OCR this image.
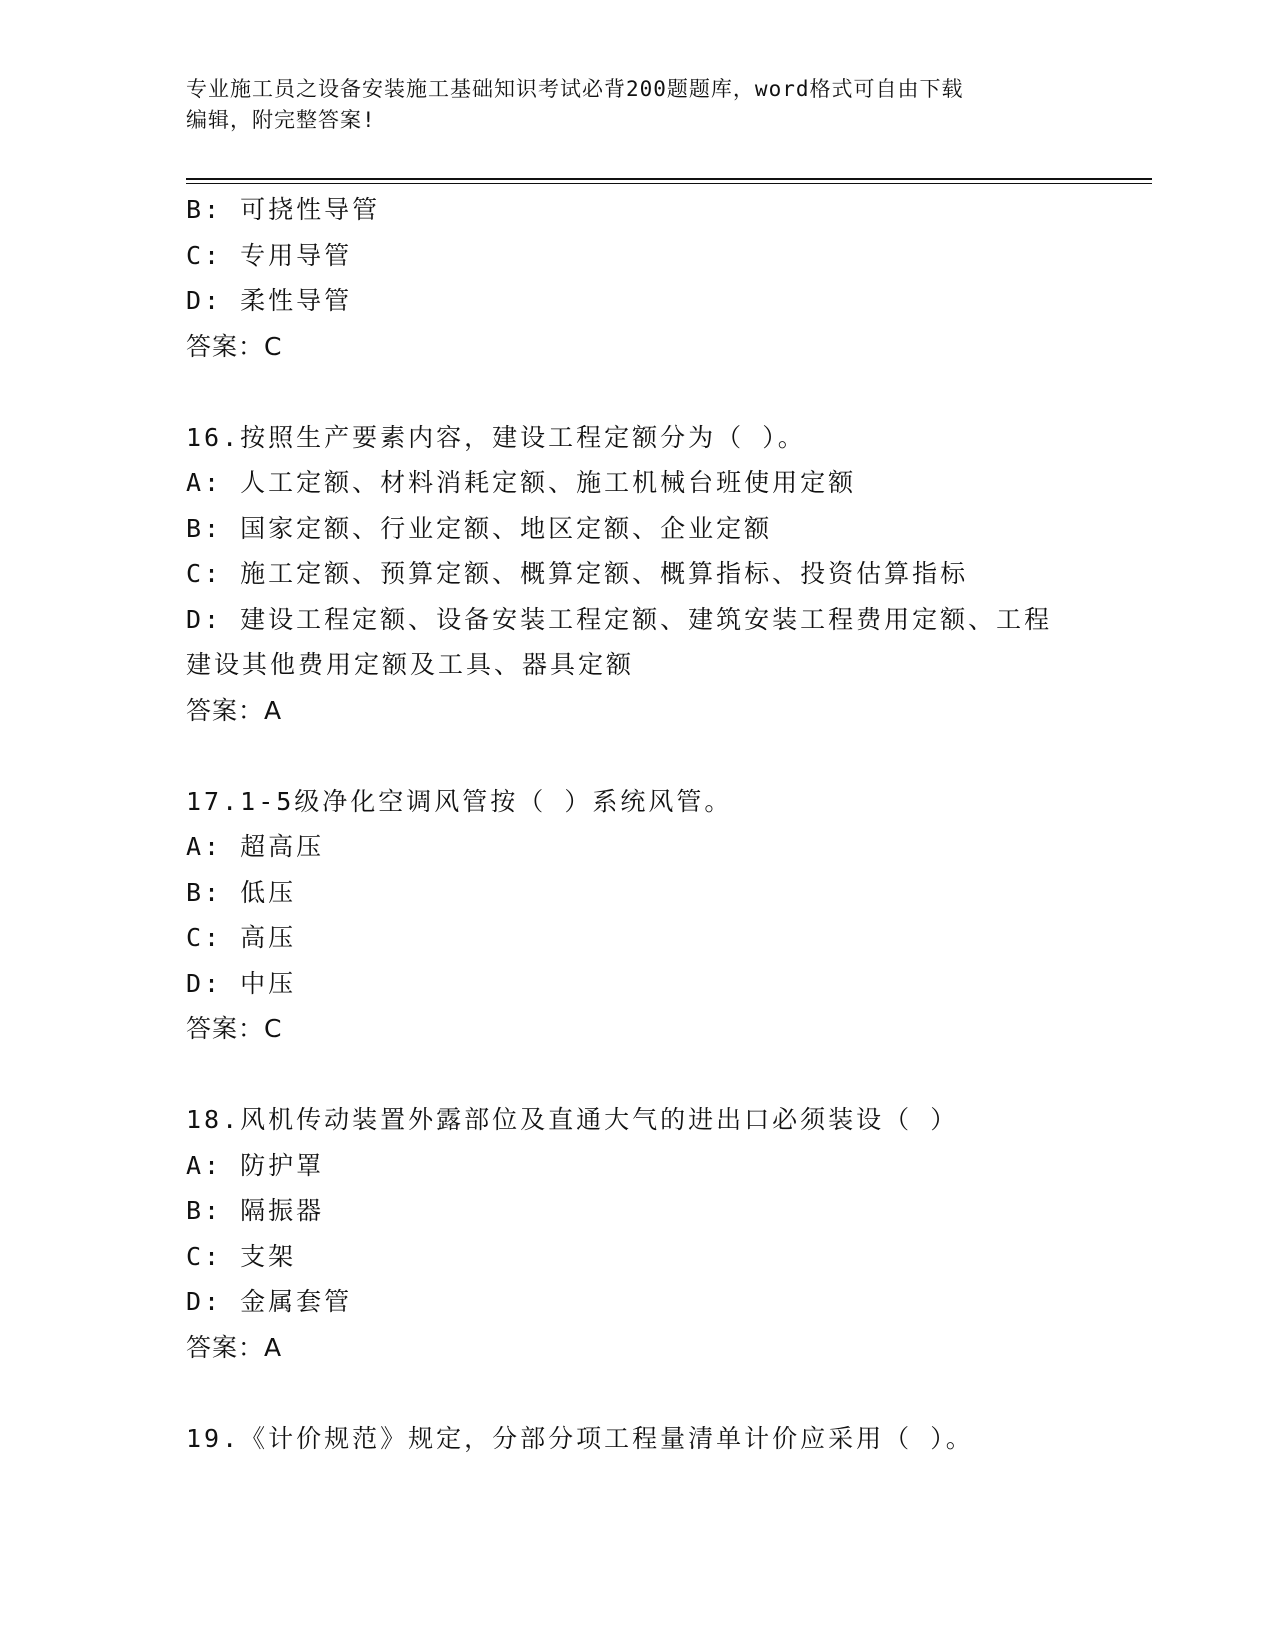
专业施工员之设备安装施工基础知识考试必背200题题库，word格式可自由下载
编辑，附完整答案!
B: 可挠性导管
C: 专用导管
D: 柔性导管
答案：C
16.按照生产要素内容，建设工程定额分为（ ）。
A: 人工定额、材料消耗定额、施工机械台班使用定额
B: 国家定额、行业定额、地区定额、企业定额
C: 施工定额、预算定额、概算定额、概算指标、投资估算指标
D: 建设工程定额、设备安装工程定额、建筑安装工程费用定额、工程
建设其他费用定额及工具、器具定额
答案：A
17.1-5级净化空调风管按（ ）系统风管。
A: 超高压
B: 低压
C: 高压
D: 中压
答案：C
18.风机传动装置外露部位及直通大气的进出口必须装设（ ）
A: 防护罩
B: 隔振器
C: 支架
D: 金属套管
答案：A
19.《计价规范》规定，分部分项工程量清单计价应采用（ ）。
